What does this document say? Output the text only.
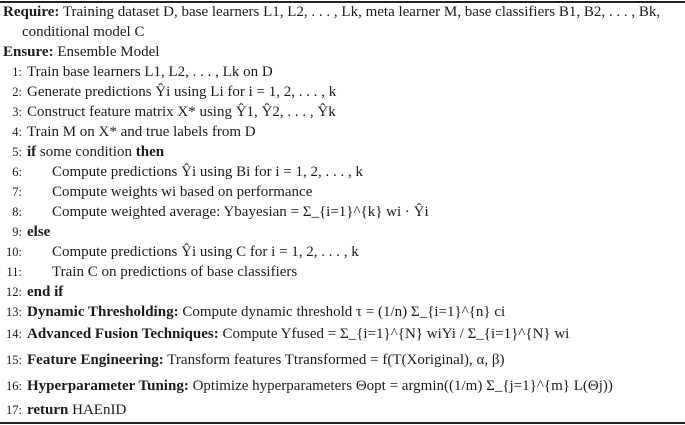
Require: Training dataset D, base learners L1, L2, . . . , Lk, meta learner M, base classifiers B1, B2, . . . , Bk,
conditional model C
Ensure: Ensemble Model
1: Train base learners L1, L2, . . . , Lk on D
2: Generate predictions Ŷi using Li for i = 1, 2, . . . , k
3: Construct feature matrix X* using Ŷ1, Ŷ2, . . . , Ŷk
4: Train M on X* and true labels from D
5: if some condition then
6: Compute predictions Ŷi using Bi for i = 1, 2, . . . , k
7: Compute weights wi based on performance
8: Compute weighted average: Ybayesian = Σ_{i=1}^{k} wi · Ŷi
9: else
10: Compute predictions Ŷi using C for i = 1, 2, . . . , k
11: Train C on predictions of base classifiers
12: end if
13: Dynamic Thresholding: Compute dynamic threshold τ = (1/n) Σ_{i=1}^{n} ci
14: Advanced Fusion Techniques: Compute Yfused = Σ_{i=1}^{N} wiYi / Σ_{i=1}^{N} wi
15: Feature Engineering: Transform features Ttransformed = f(T(Xoriginal), α, β)
16: Hyperparameter Tuning: Optimize hyperparameters Θopt = argmin((1/m) Σ_{j=1}^{m} L(Θj))
17: return HAEnID
